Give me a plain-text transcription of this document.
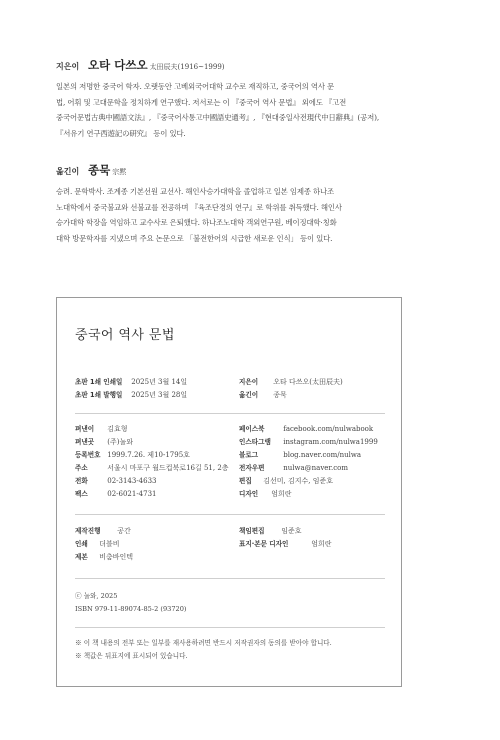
지은이 오타 다쓰오 太田辰夫(1916~1999)
일본의 저명한 중국어 학자. 오랫동안 고베외국어대학 교수로 재직하고, 중국어의 역사 문
법, 어휘 및 고대문학을 정치하게 연구했다. 저서로는 이 『중국어 역사 문법』 외에도 『고전
중국어문법古典中國語文法』, 『중국어사통고中國語史通考』, 『현대중일사전現代中日辭典』(공저),
『서유기 연구西遊記の研究』 등이 있다.
옮긴이 종묵 宗黙
승려. 문학박사. 조계종 기본선원 교선사. 해인사승가대학을 졸업하고 일본 임제종 하나조
노대학에서 중국불교와 선불교를 전공하며 『육조단경의 연구』로 학위를 취득했다. 해인사
승가대학 학장을 역임하고 교수사로 은퇴했다. 하나조노대학 객외연구원, 베이징대학·칭화
대학 방문학자를 지냈으며 주요 논문으로 「불전한어의 시급한 새로운 인식」 등이 있다.
중국어 역사 문법
초판 1쇄 인쇄일 2025년 3월 14일
초판 1쇄 발행일 2025년 3월 28일
지은이 오타 다쓰오(太田辰夫)
옮긴이 종묵
펴낸이 김효형
펴낸곳 (주)눌와
등록번호 1999.7.26. 제10-1795호
주소	서울시 마포구 월드컵북로16길 51, 2층
전화	02-3143-4633
팩스	02-6021-4731
페이스북	facebook.com/nulwabook
인스타그램 instagram.com/nulwa1999
블로그	blog.naver.com/nulwa
전자우편	nulwa@naver.com
편집 김선미, 김지수, 임준호
디자인 엄희란
제작진행 공간
인쇄 더블비
제본 비춤바인텍
책임편집 임준호
표지·본문 디자인	엄희란
ⓒ 눌와, 2025
ISBN 979-11-89074-85-2 (93720)
※ 이 책 내용의 전부 또는 일부를 재사용하려면 반드시 저작권자의 동의를 받아야 합니다.
※ 책값은 뒤표지에 표시되어 있습니다.
